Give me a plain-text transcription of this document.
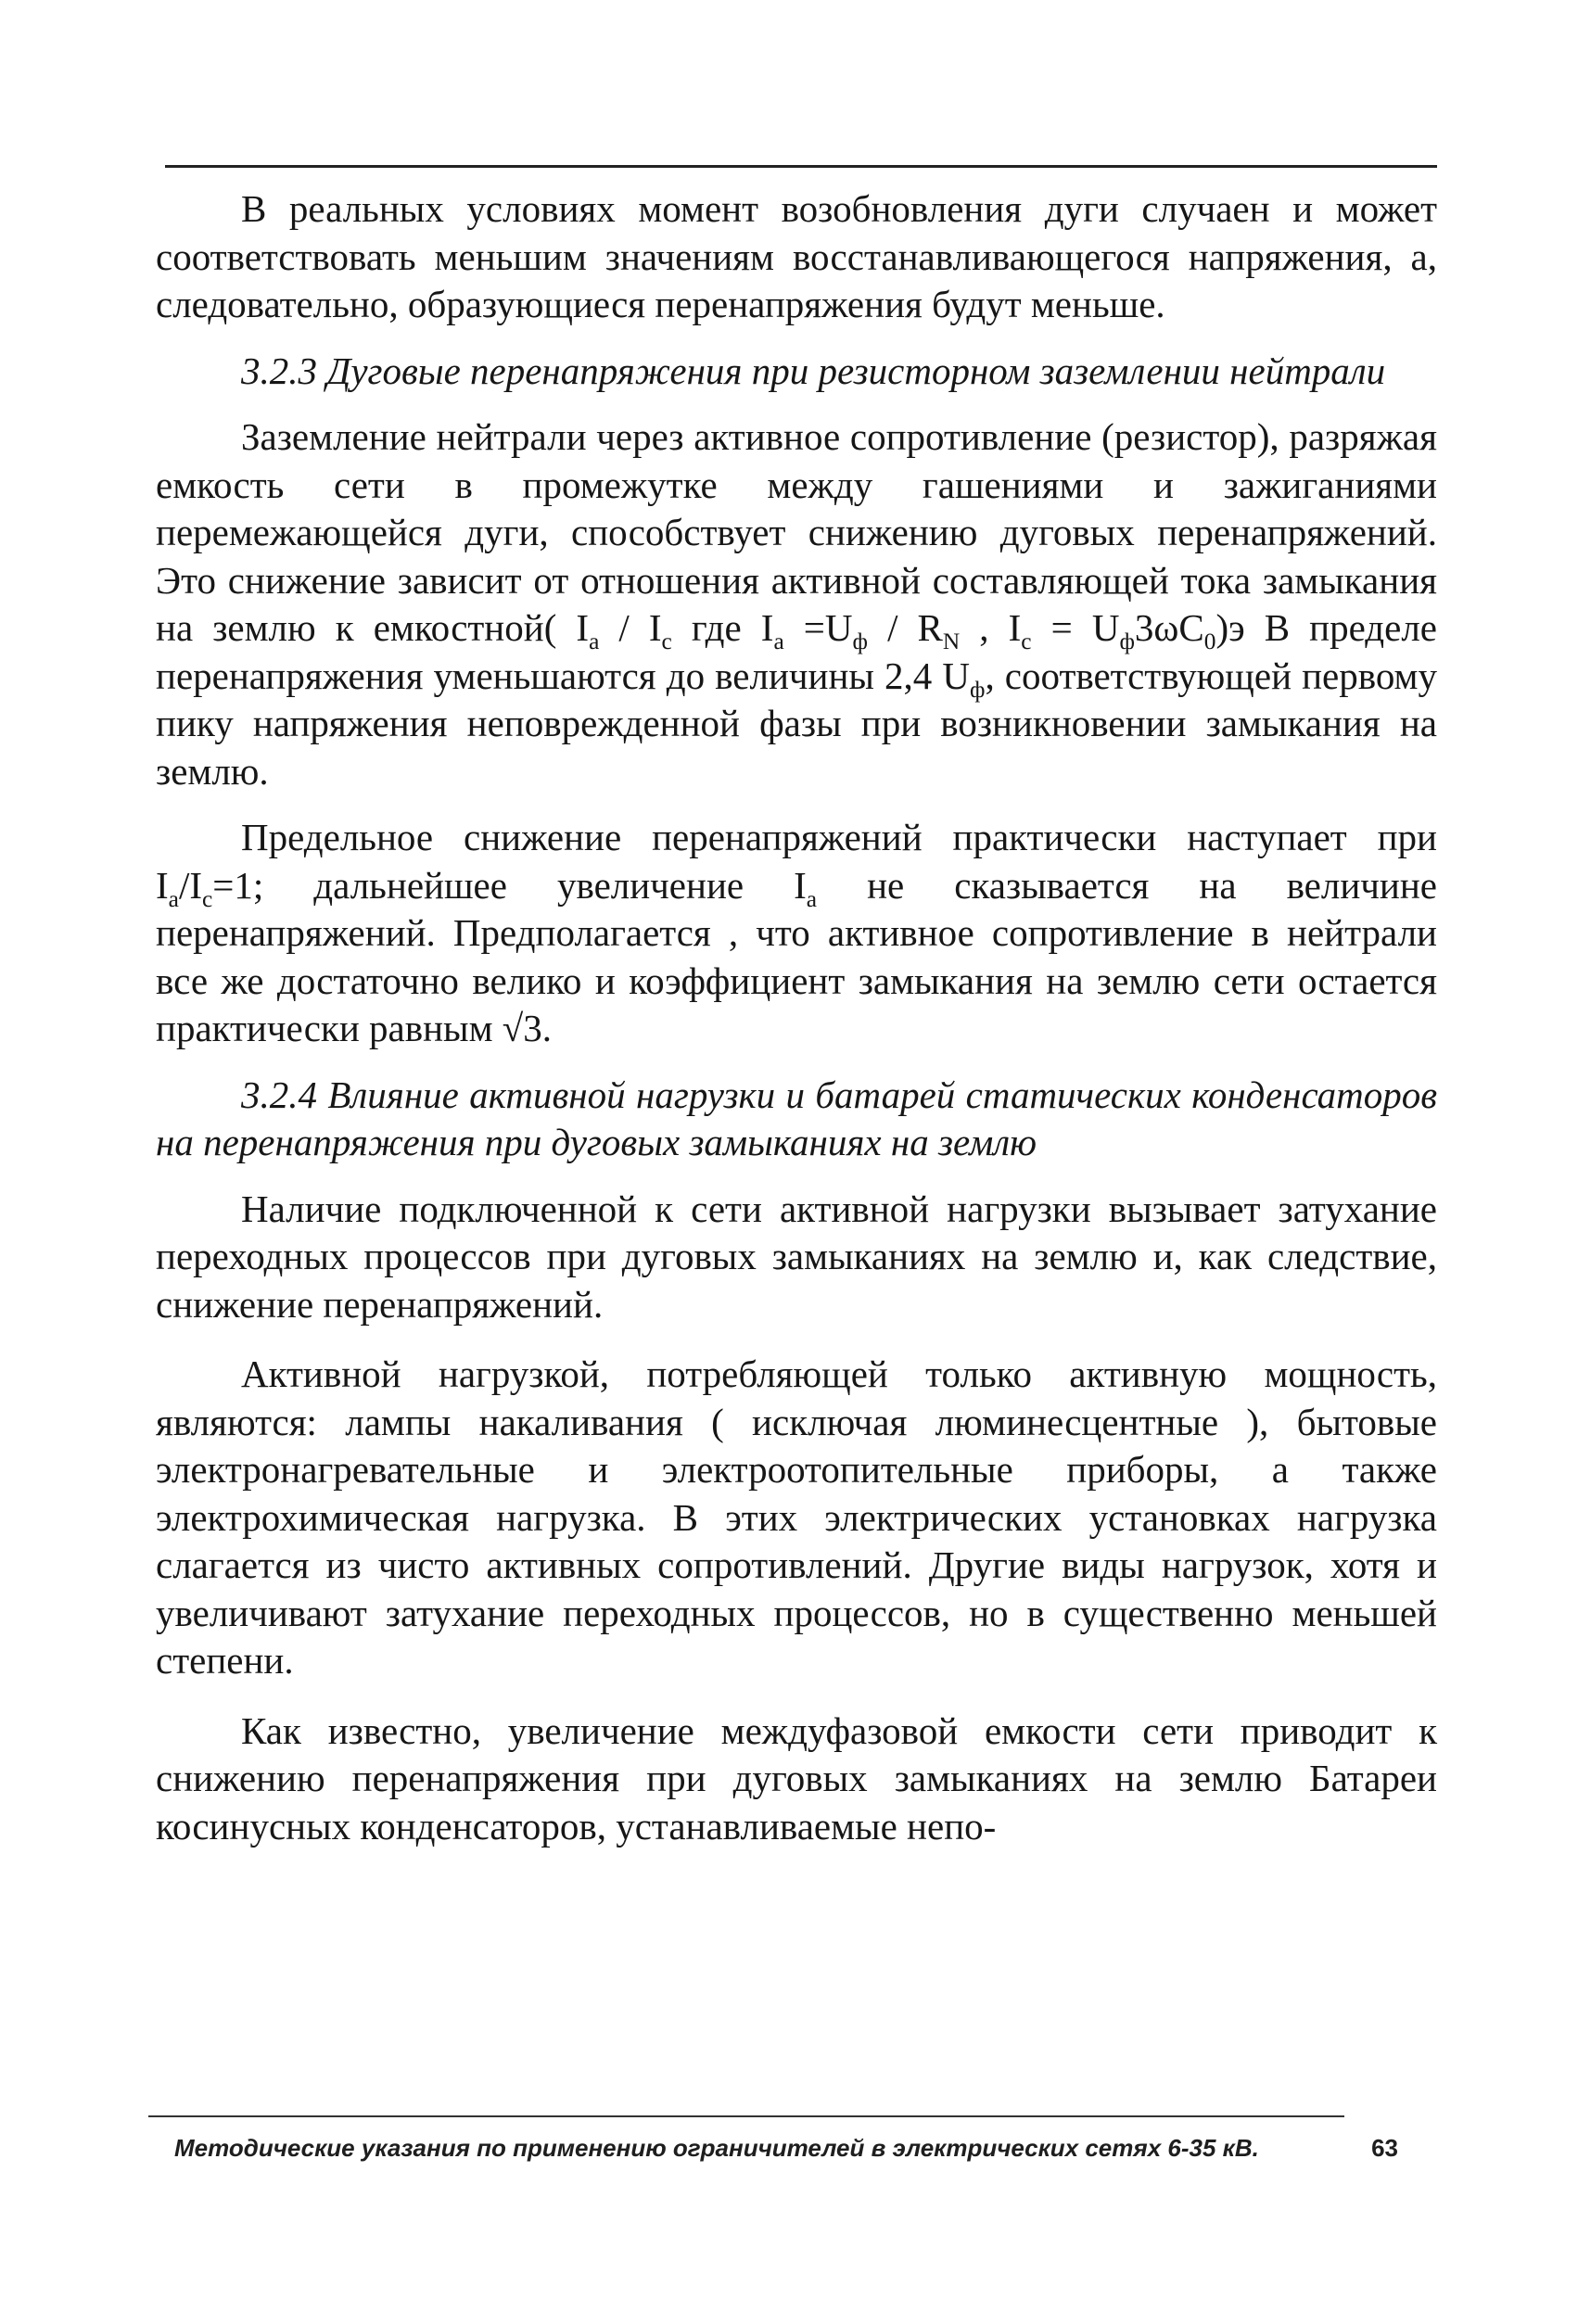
В реальных условиях момент возобновления дуги случаен и может соответствовать меньшим значениям восстанавливающегося напряжения, а, следовательно, образующиеся перенапряжения будут меньше.

3.2.3 Дуговые перенапряжения при резисторном заземлении нейтрали

Заземление нейтрали через активное сопротивление (резистор), разряжая емкость сети в промежутке между гашениями и зажиганиями перемежающейся дуги, способствует снижению дуговых перенапряжений. Это снижение зависит от отношения активной составляющей тока замыкания на землю к емкостной( $I_а / I_c$ где $I_а =U_ф / R_N$ , $I_c = U_ф3\omega C_0)э$ В пределе перенапряжения уменьшаются до величины 2,4 $U_ф$, соответствующей первому пику напряжения неповрежденной фазы при возникновении замыкания на землю.

Предельное снижение перенапряжений практически наступает при $I_а/I_c=1$; дальнейшее увеличение $I_а$ не сказывается на величине перенапряжений. Предполагается , что активное сопротивление в нейтрали все же достаточно велико и коэффициент замыкания на землю сети остается практически равным √3.

3.2.4 Влияние активной нагрузки и батарей статических конденсаторов на перенапряжения при дуговых замыканиях на землю

Наличие подключенной к сети активной нагрузки вызывает затухание переходных процессов при дуговых замыканиях на землю и, как следствие, снижение перенапряжений.

Активной нагрузкой, потребляющей только активную мощность, являются: лампы накаливания ( исключая люминесцентные ), бытовые электронагревательные и электроотопительные приборы, а также электрохимическая нагрузка. В этих электрических установках нагрузка слагается из чисто активных сопротивлений. Другие виды нагрузок, хотя и увеличивают затухание переходных процессов, но в существенно меньшей степени.

Как известно, увеличение междуфазовой емкости сети приводит к снижению перенапряжения при дуговых замыканиях на землю Батареи косинусных конденсаторов, устанавливаемые непо-

Методические указания по применению ограничителей в электрических сетях 6-35 кВ.	63
